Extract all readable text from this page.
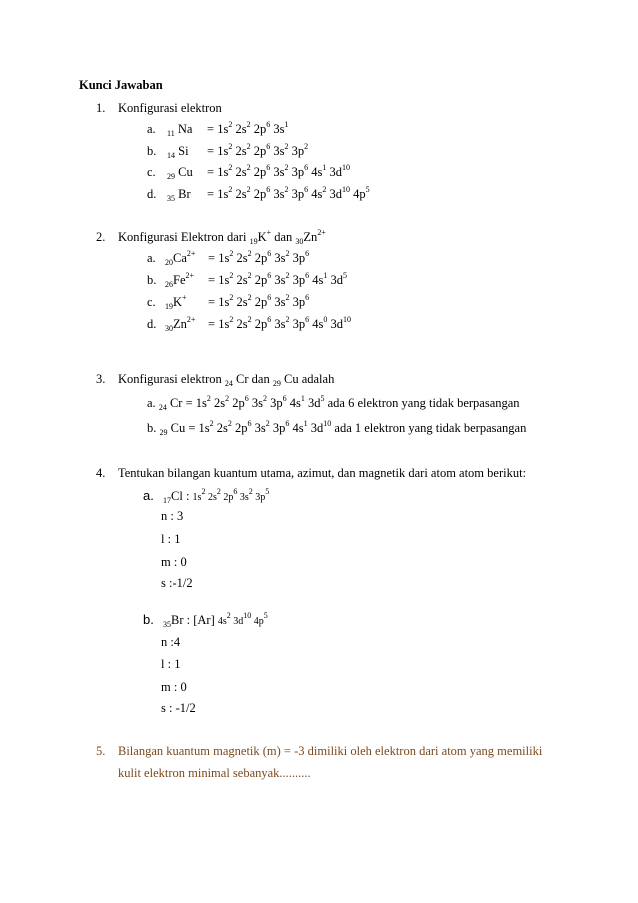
Kunci Jawaban
1. Konfigurasi elektron
2. Konfigurasi Elektron dari $_{19}$K+ dan $_{30}Zn^{2+}$
3. Konfigurasi elektron $_{24}$ Cr dan $_{29}$ Cu adalah
4. Tentukan bilangan kuantum utama, azimut, dan magnetik dari atom atom berikut:
5. Bilangan kuantum magnetik (m) = -3 dimiliki oleh elektron dari atom yang memiliki
kulit elektron minimal sebanyak..........
a. $_{11}$ $Na = 1s^2$ $2s^2$ $2p^6$ $3s^1$
b. $_{14}$ $Si = 1s^2$ $2s^2$ $2p^6$ $3s^2$ $3p^2$
c. $_{29}$ $Cu = 1s^2$ $2s^2$ $2p^6$ $3s^2$ $3p^6$ $4s^1$ $3d^{10}$
d. $_{35}$ $Br = 1s^2$ $2s^2$ $2p^6$ $3s^2$ $3p^6$ $4s^2$ $3d^{10}$ $4p^5$
a. $_{20}Ca^{2+} = 1s^2$ $2s^2$ $2p^6$ $3s^2$ $3p^6$
b. $_{26}Fe^{2+} = 1s^2$ $2s^2$ $2p^6$ $3s^2$ $3p^6$ $4s^1$ $3d^5$
c. $_{19}K^+ = 1s^2$ $2s^2$ $2p^6$ $3s^2$ $3p^6$
d. $_{30}Zn^{2+} = 1s^2$ $2s^2$ $2p^6$ $3s^2$ $3p^6$ $4s^0$ $3d^{10}$
a. $_{24}$ $Cr = 1s^2$ $2s^2$ $2p^6$ $3s^2$ $3p^6$ $4s^1$ $3d^5$ ada 6 elektron yang tidak berpasangan
b. $_{29}$ $Cu = 1s^2$ $2s^2$ $2p^6$ $3s^2$ $3p^6$ $4s^1$ $3d^{10}$ ada 1 elektron yang tidak berpasangan
a. $_{17}$Cl : $1s^2$ $2s^2$ $2p^6$ $3s^2$ $3p^5$
n : 3
l : 1
m : 0
s :-1/2
b. $_{35}$Br : [Ar] $4s^2$ $3d^{10}$ $4p^5$
n :4
l : 1
m : 0
s : -1/2
